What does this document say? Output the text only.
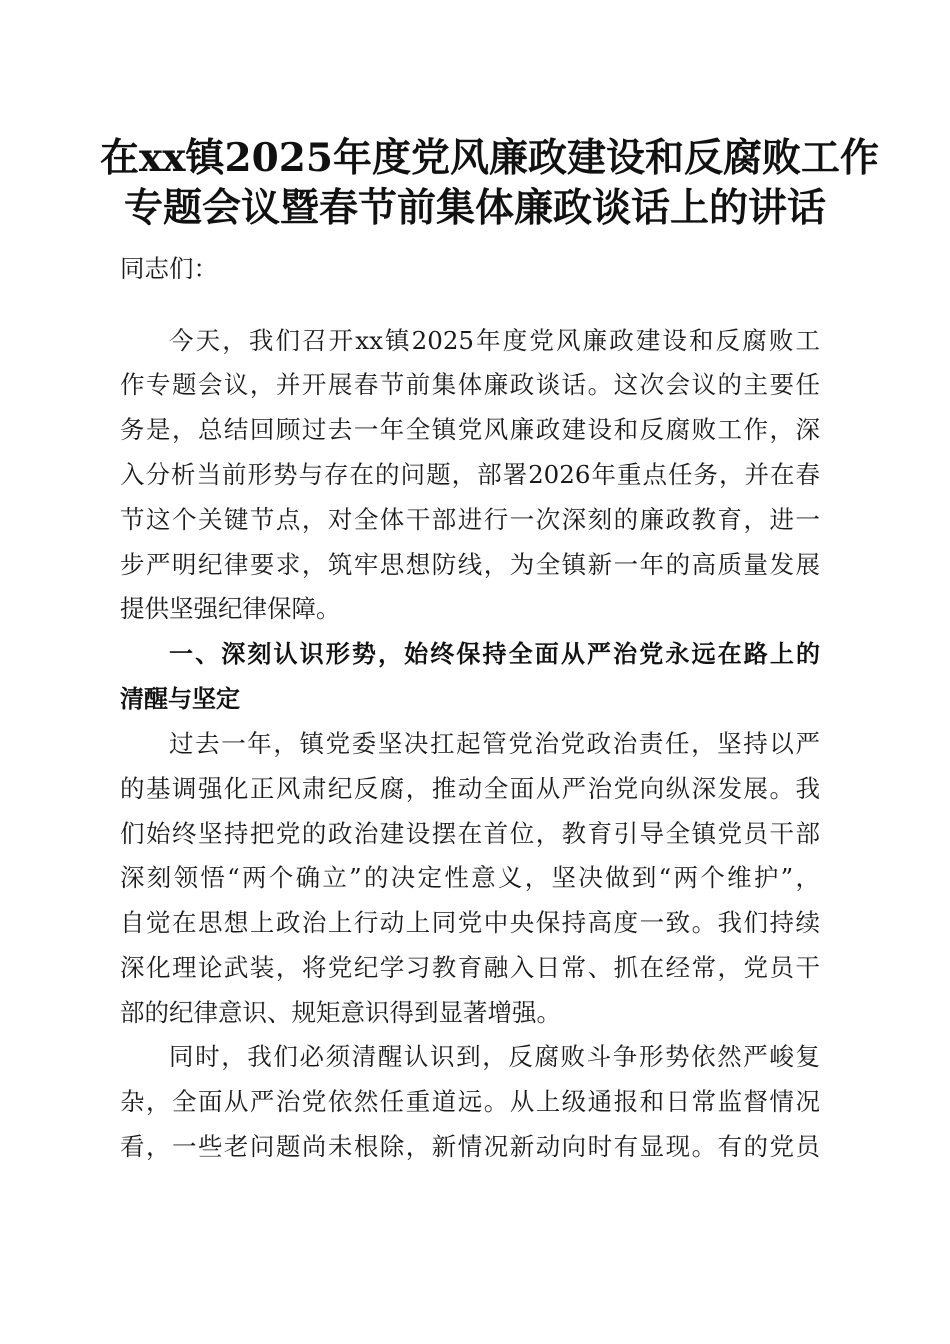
在xx镇2025年度党风廉政建设和反腐败工作
专题会议暨春节前集体廉政谈话上的讲话
同志们：
今天，我们召开xx镇2025年度党风廉政建设和反腐败工
作专题会议，并开展春节前集体廉政谈话。这次会议的主要任
务是，总结回顾过去一年全镇党风廉政建设和反腐败工作，深
入分析当前形势与存在的问题，部署2026年重点任务，并在春
节这个关键节点，对全体干部进行一次深刻的廉政教育，进一
步严明纪律要求，筑牢思想防线，为全镇新一年的高质量发展
提供坚强纪律保障。
一、深刻认识形势，始终保持全面从严治党永远在路上的
清醒与坚定
过去一年，镇党委坚决扛起管党治党政治责任，坚持以严
的基调强化正风肃纪反腐，推动全面从严治党向纵深发展。我
们始终坚持把党的政治建设摆在首位，教育引导全镇党员干部
深刻领悟“两个确立”的决定性意义，坚决做到“两个维护”，
自觉在思想上政治上行动上同党中央保持高度一致。我们持续
深化理论武装，将党纪学习教育融入日常、抓在经常，党员干
部的纪律意识、规矩意识得到显著增强。
同时，我们必须清醒认识到，反腐败斗争形势依然严峻复
杂，全面从严治党依然任重道远。从上级通报和日常监督情况
看，一些老问题尚未根除，新情况新动向时有显现。有的党员
